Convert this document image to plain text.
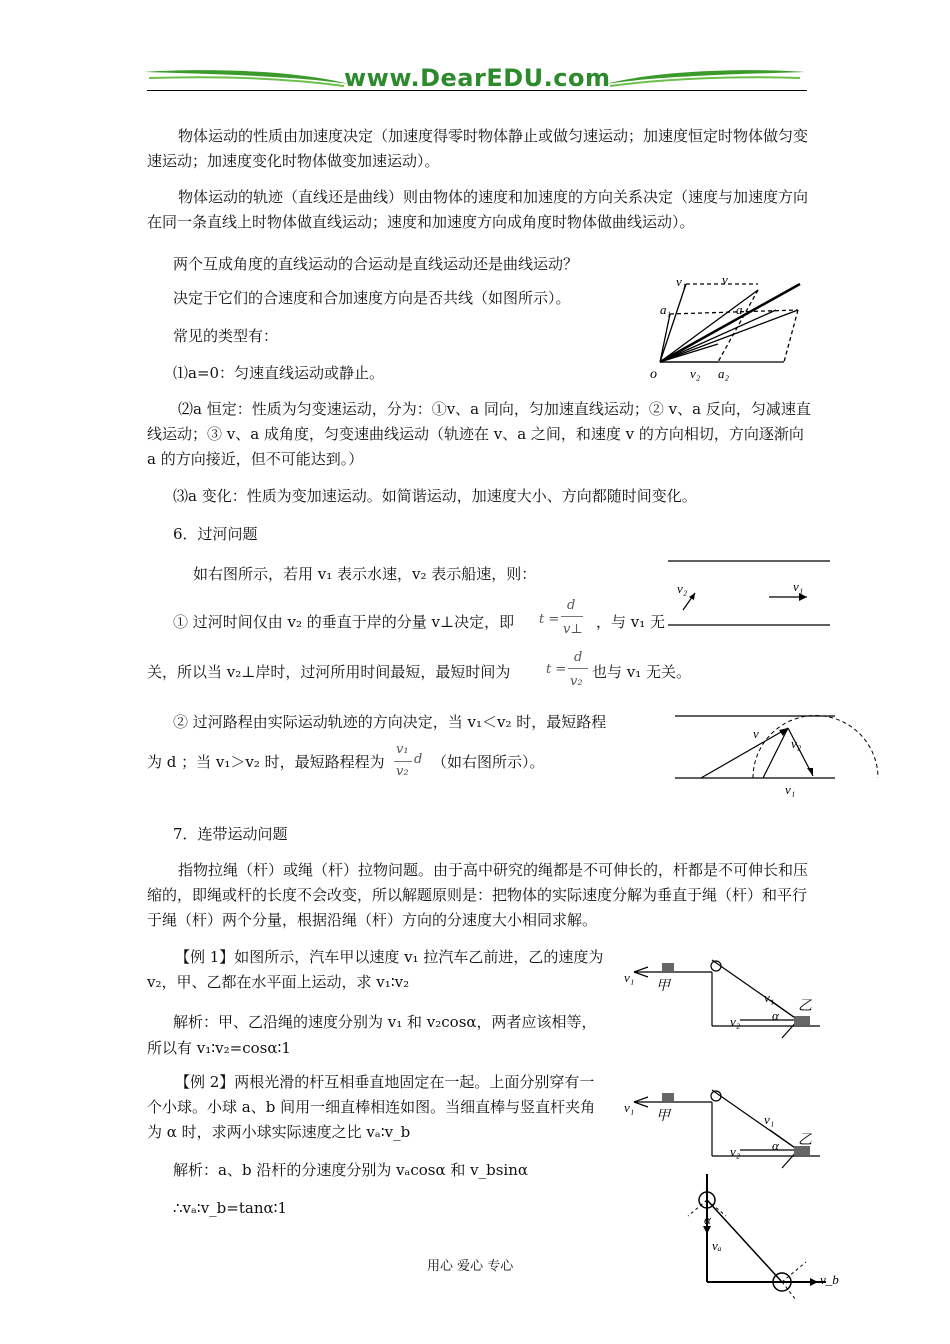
www.DearEDU.com
物体运动的性质由加速度决定（加速度得零时物体静止或做匀速运动；加速度恒定时物体做匀变速运动；加速度变化时物体做变加速运动）。
物体运动的轨迹（直线还是曲线）则由物体的速度和加速度的方向关系决定（速度与加速度方向在同一条直线上时物体做直线运动；速度和加速度方向成角度时物体做曲线运动）。
两个互成角度的直线运动的合运动是直线运动还是曲线运动？
决定于它们的合速度和合加速度方向是否共线（如图所示）。
常见的类型有：
⑴a=0：匀速直线运动或静止。
⑵a 恒定：性质为匀变速运动，分为：①v、a 同向，匀加速直线运动；② v、a 反向，匀减速直线运动；③ v、a 成角度，匀变速曲线运动（轨迹在 v、a 之间，和速度 v 的方向相切，方向逐渐向 a 的方向接近，但不可能达到。）
⑶a 变化：性质为变加速运动。如简谐运动，加速度大小、方向都随时间变化。
v₁	v
a₁	a
o	v₂ a₂
6．过河问题
如右图所示，若用 v₁ 表示水速，v₂ 表示船速，则：
v₂	v₁
① 过河时间仅由 v₂ 的垂直于岸的分量 v⊥决定，即 t =
d
v⊥ ，与 v₁ 无
关，所以当 v₂⊥岸时，过河所用时间最短，最短时间为	t =
d
v₂
也与 v₁ 无关。
② 过河路程由实际运动轨迹的方向决定，当 v₁＜v₂ 时，最短路程
为 d ；当 v₁＞v₂ 时，最短路程程为
v₁
v₂
d （如右图所示）。
v
v₂
v₁
7．连带运动问题
指物拉绳（杆）或绳（杆）拉物问题。由于高中研究的绳都是不可伸长的，杆都是不可伸长和压缩的，即绳或杆的长度不会改变，所以解题原则是：把物体的实际速度分解为垂直于绳（杆）和平行于绳（杆）两个分量，根据沿绳（杆）方向的分速度大小相同求解。
【例 1】如图所示，汽车甲以速度 v₁ 拉汽车乙前进，乙的速度为 v₂，甲、乙都在水平面上运动，求 v₁∶v₂
解析：甲、乙沿绳的速度分别为 v₁ 和 v₂cosα，两者应该相等，
所以有 v₁∶v₂=cosα∶1
v₁
甲
v₁
乙
α
v₂
【例 2】两根光滑的杆互相垂直地固定在一起。上面分别穿有一个小球。小球 a、b 间用一细直棒相连如图。当细直棒与竖直杆夹角为 α 时，求两小球实际速度之比 vₐ∶v_b
解析：a、b 沿杆的分速度分别为 vₐcosα 和 v_bsinα
∴vₐ∶v_b=tanα∶1
v₁
甲	v₁
乙
α
v₂
α
vₐ
v_b
用心 爱心 专心
